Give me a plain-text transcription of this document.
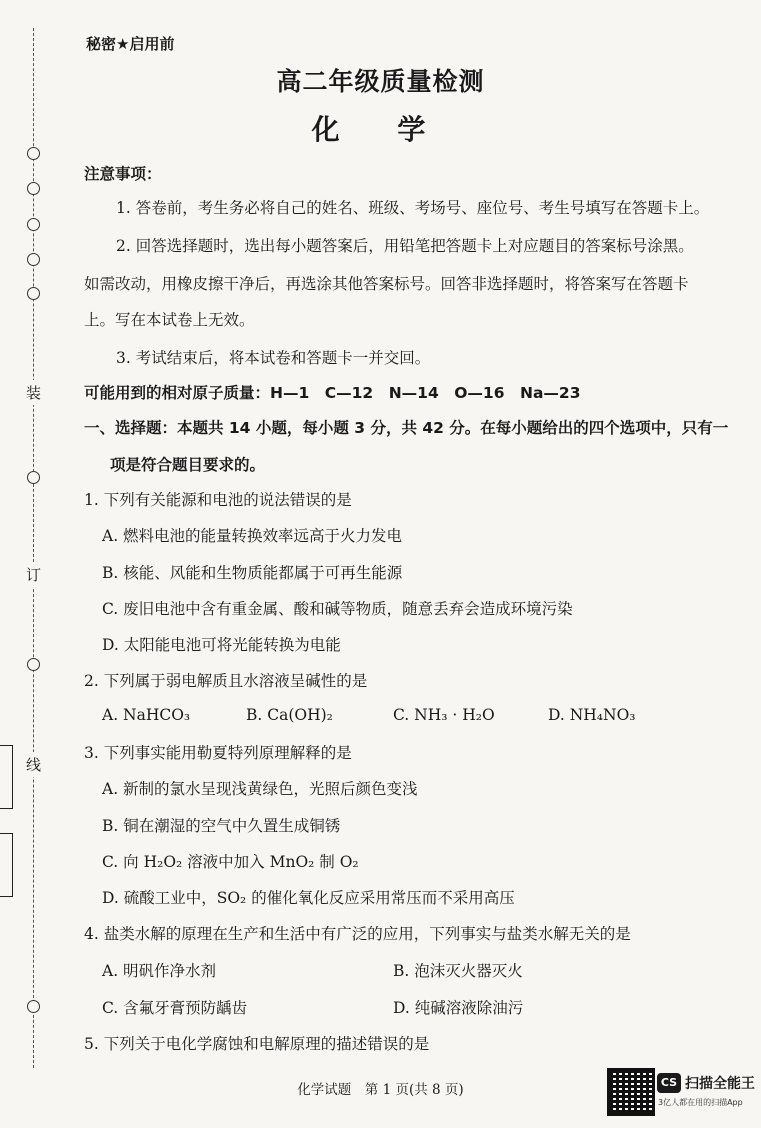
装
订
线
秘密★启用前
高二年级质量检测
化 学
注意事项：
1. 答卷前，考生务必将自己的姓名、班级、考场号、座位号、考生号填写在答题卡上。
2. 回答选择题时，选出每小题答案后，用铅笔把答题卡上对应题目的答案标号涂黑。
如需改动，用橡皮擦干净后，再选涂其他答案标号。回答非选择题时，将答案写在答题卡
上。写在本试卷上无效。
3. 考试结束后，将本试卷和答题卡一并交回。
可能用到的相对原子质量：H—1　C—12　N—14　O—16　Na—23
一、选择题：本题共 14 小题，每小题 3 分，共 42 分。在每小题给出的四个选项中，只有一
项是符合题目要求的。
1. 下列有关能源和电池的说法错误的是
A. 燃料电池的能量转换效率远高于火力发电
B. 核能、风能和生物质能都属于可再生能源
C. 废旧电池中含有重金属、酸和碱等物质，随意丢弃会造成环境污染
D. 太阳能电池可将光能转换为电能
2. 下列属于弱电解质且水溶液呈碱性的是
A. NaHCO₃	B. Ca(OH)₂	C. NH₃ · H₂O	D. NH₄NO₃
3. 下列事实能用勒夏特列原理解释的是
A. 新制的氯水呈现浅黄绿色，光照后颜色变浅
B. 铜在潮湿的空气中久置生成铜锈
C. 向 H₂O₂ 溶液中加入 MnO₂ 制 O₂
D. 硫酸工业中，SO₂ 的催化氧化反应采用常压而不采用高压
4. 盐类水解的原理在生产和生活中有广泛的应用，下列事实与盐类水解无关的是
A. 明矾作净水剂	B. 泡沫灭火器灭火
C. 含氟牙膏预防龋齿	D. 纯碱溶液除油污
5. 下列关于电化学腐蚀和电解原理的描述错误的是
化学试题　第 1 页(共 8 页)	CS 扫描全能王
3亿人都在用的扫描App
